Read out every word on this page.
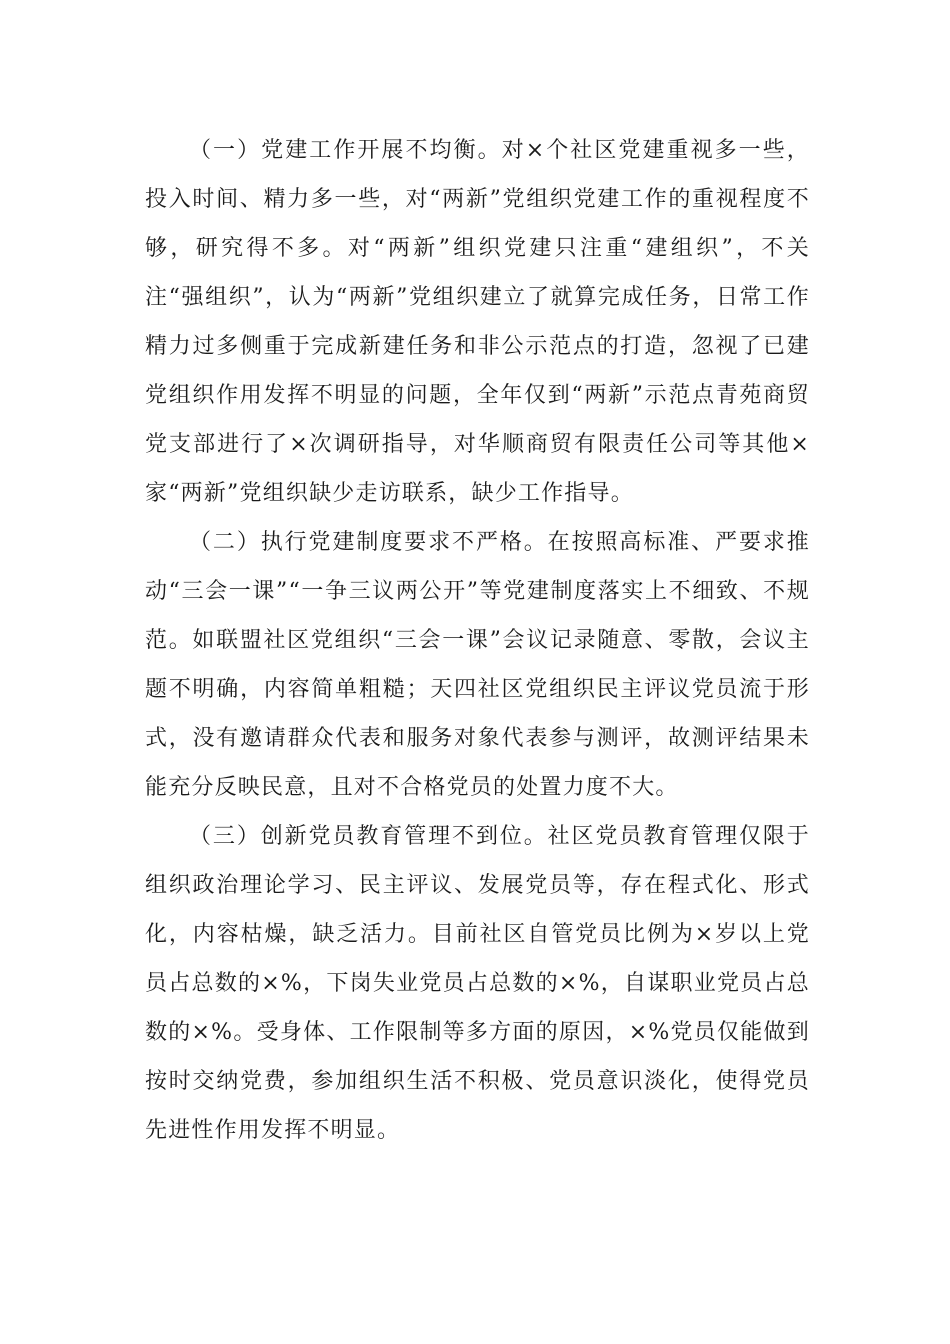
（一）党建工作开展不均衡。对×个社区党建重视多一些，投入时间、精力多一些，对“两新”党组织党建工作的重视程度不够，研究得不多。对“两新”组织党建只注重“建组织”，不关注“强组织”，认为“两新”党组织建立了就算完成任务，日常工作精力过多侧重于完成新建任务和非公示范点的打造，忽视了已建党组织作用发挥不明显的问题，全年仅到“两新”示范点青苑商贸党支部进行了×次调研指导，对华顺商贸有限责任公司等其他×家“两新”党组织缺少走访联系，缺少工作指导。

（二）执行党建制度要求不严格。在按照高标准、严要求推动“三会一课”“一争三议两公开”等党建制度落实上不细致、不规范。如联盟社区党组织“三会一课”会议记录随意、零散，会议主题不明确，内容简单粗糙；天四社区党组织民主评议党员流于形式，没有邀请群众代表和服务对象代表参与测评，故测评结果未能充分反映民意，且对不合格党员的处置力度不大。

（三）创新党员教育管理不到位。社区党员教育管理仅限于组织政治理论学习、民主评议、发展党员等，存在程式化、形式化，内容枯燥，缺乏活力。目前社区自管党员比例为×岁以上党员占总数的×%，下岗失业党员占总数的×%，自谋职业党员占总数的×%。受身体、工作限制等多方面的原因，×%党员仅能做到按时交纳党费，参加组织生活不积极、党员意识淡化，使得党员先进性作用发挥不明显。
